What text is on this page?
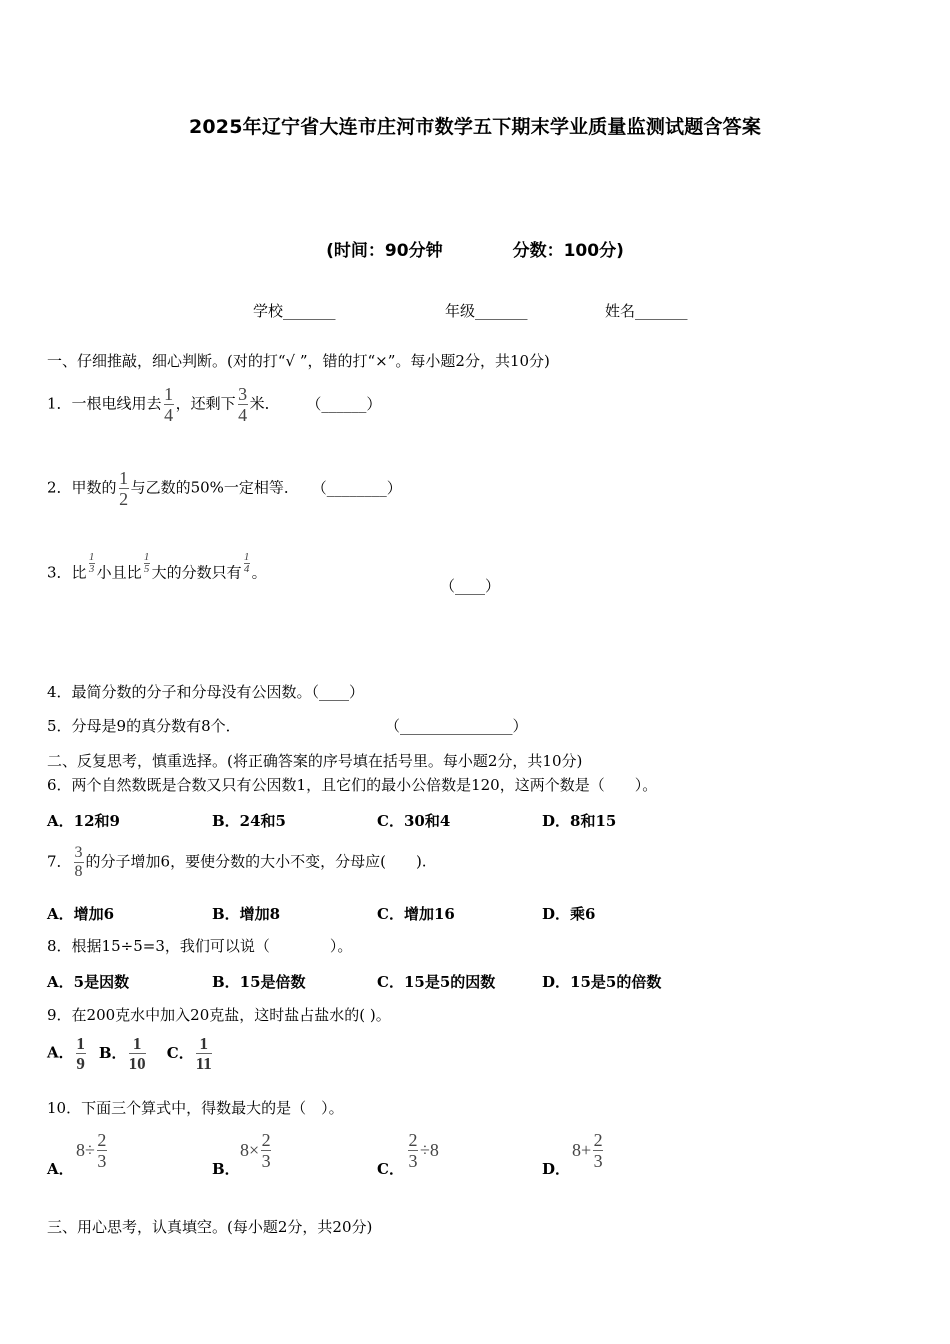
2025年辽宁省大连市庄河市数学五下期末学业质量监测试题含答案
(时间：90分钟	分数：100分)
学校_______	年级_______	姓名_______
一、仔细推敲，细心判断。(对的打“√ ”，错的打“×”。每小题2分，共10分)
1．一根电线用去 $\frac{1}{4}$ ，还剩下 $\frac{3}{4}$ 米． （______）
2．甲数的 $\frac{1}{2}$ 与乙数的50%一定相等． （________）
3．比 $\frac{1}{3}$ 小且比 $\frac{1}{5}$ 大的分数只有 $\frac{1}{4}$ 。
（____）
4．最简分数的分子和分母没有公因数。（____）
5．分母是9的真分数有8个．	（_______________）
二、反复思考，慎重选择。(将正确答案的序号填在括号里。每小题2分，共10分)
6．两个自然数既是合数又只有公因数1，且它们的最小公倍数是120，这两个数是（　　）。
A．12和9	B．24和5	C．30和4	D．8和15
7． $\frac{3}{8}$ 的分子增加6，要使分数的大小不变，分母应(　　).
A．增加6	B．增加8	C．增加16	D．乘6
8．根据15÷5=3，我们可以说（　　　　）。
A．5是因数	B．15是倍数	C．15是5的因数	D．15是5的倍数
9．在200克水中加入20克盐，这时盐占盐水的( )。
A． $\frac{1}{9}$ B． $\frac{1}{10}$ C． $\frac{1}{11}$
10．下面三个算式中，得数最大的是（　）。
A．
$8\div \frac{2}{3}$	B．
$8\times \frac{2}{3}$	C． $\frac{2}{3} \div 8$
D．
$8+ \frac{2}{3}$
三、用心思考，认真填空。(每小题2分，共20分)
